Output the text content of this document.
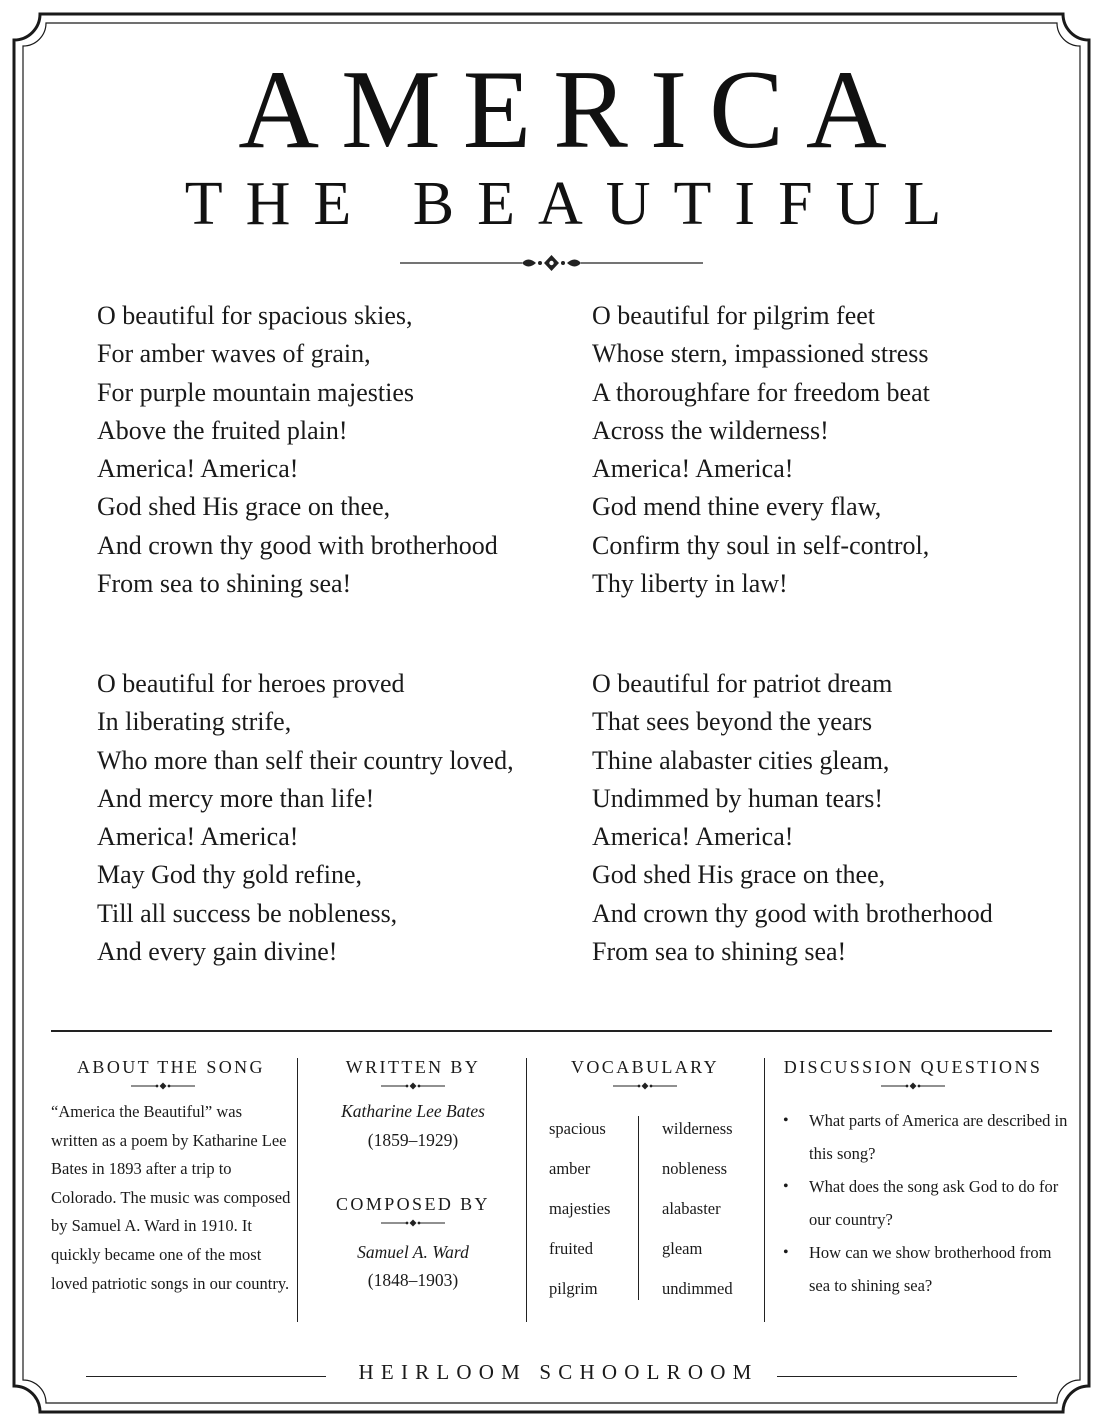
AMERICA
THE BEAUTIFUL
O beautiful for spacious skies,
For amber waves of grain,
For purple mountain majesties
Above the fruited plain!
America! America!
God shed His grace on thee,
And crown thy good with brotherhood
From sea to shining sea!
O beautiful for pilgrim feet
Whose stern, impassioned stress
A thoroughfare for freedom beat
Across the wilderness!
America! America!
God mend thine every flaw,
Confirm thy soul in self-control,
Thy liberty in law!
O beautiful for heroes proved
In liberating strife,
Who more than self their country loved,
And mercy more than life!
America! America!
May God thy gold refine,
Till all success be nobleness,
And every gain divine!
O beautiful for patriot dream
That sees beyond the years
Thine alabaster cities gleam,
Undimmed by human tears!
America! America!
God shed His grace on thee,
And crown thy good with brotherhood
From sea to shining sea!
ABOUT THE SONG

“America the Beautiful” was written as a poem by Katharine Lee Bates in 1893 after a trip to Colorado. The music was composed by Samuel A. Ward in 1910. It quickly became one of the most loved patriotic songs in our country.

WRITTEN BY
Katharine Lee Bates
(1859–1929)
COMPOSED BY
Samuel A. Ward
(1848–1903)
VOCABULARY
spacious
amber
majesties
fruited
pilgrim
wilderness
nobleness
alabaster
gleam
undimmed
DISCUSSION QUESTIONS
• What parts of America are described in this song?
• What does the song ask God to do for our country?
• How can we show brotherhood from sea to shining sea?
HEIRLOOM SCHOOLROOM
